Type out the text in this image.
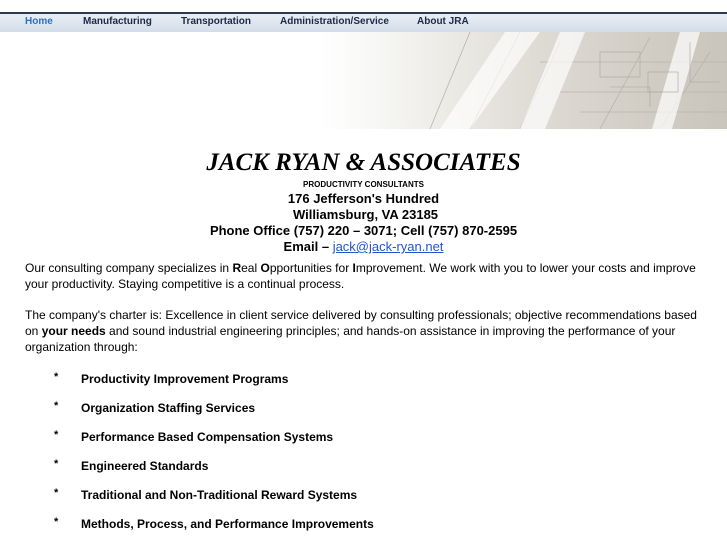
Home	Manufacturing	Transportation	Administration/Service	About JRA
JACK RYAN & ASSOCIATES
PRODUCTIVITY CONSULTANTS
176 Jefferson's Hundred
Williamsburg, VA 23185
Phone Office (757) 220 – 3071; Cell (757) 870-2595
Email – jack@jack-ryan.net

Our consulting company specializes in Real Opportunities for Improvement. We work with you to lower your costs and improve your productivity. Staying competitive is a continual process.

The company's charter is: Excellence in client service delivered by consulting professionals; objective recommendations based on your needs and sound industrial engineering principles; and hands-on assistance in improving the performance of your organization through:

* Productivity Improvement Programs
* Organization Staffing Services
* Performance Based Compensation Systems
* Engineered Standards
* Traditional and Non-Traditional Reward Systems
* Methods, Process, and Performance Improvements
